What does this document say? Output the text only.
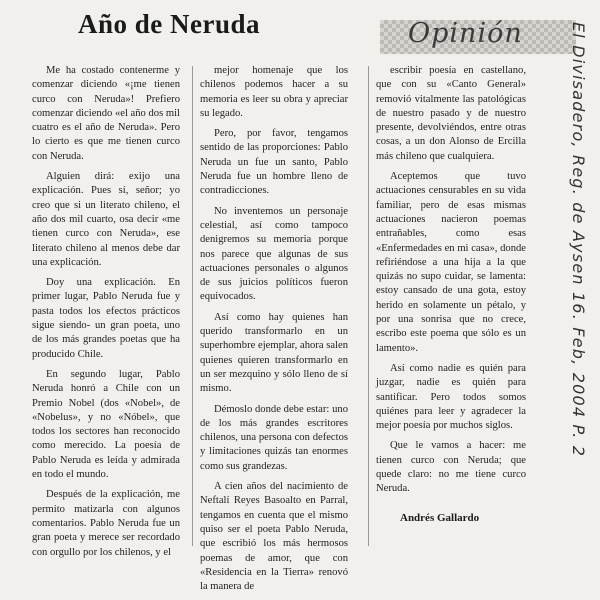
Año de Neruda	Opinión

Me ha costado contenerme y comenzar diciendo «¡me tienen curco con Neruda»! Prefiero comenzar diciendo «el año dos mil cuatro es el año de Neruda». Pero lo cierto es que me tienen curco con Neruda.

Alguien dirá: exijo una explicación. Pues sí, señor; yo creo que si un literato chileno, el año dos mil cuarto, osa decir «me tienen curco con Neruda», ese literato chileno al menos debe dar una explicación.

Doy una explicación. En primer lugar, Pablo Neruda fue y pasta todos los efectos prácticos sigue siendo- un gran poeta, uno de los más grandes poetas que ha producido Chile.

En segundo lugar, Pablo Neruda honró a Chile con un Premio Nobel (dos «Nobel», de «Nobelus», y no «Nóbel», que todos los sectores han reconocido como merecido. La poesía de Pablo Neruda es leída y admirada en todo el mundo.

Después de la explicación, me permito matizarla con algunos comentarios. Pablo Neruda fue un gran poeta y merece ser recordado con orgullo por los chilenos, y el

mejor homenaje que los chilenos podemos hacer a su memoria es leer su obra y apreciar su legado.

Pero, por favor, tengamos sentido de las proporciones: Pablo Neruda un fue un santo, Pablo Neruda fue un hombre lleno de contradicciones.

No inventemos un personaje celestial, así como tampoco denigremos su memoria porque nos parece que algunas de sus actuaciones personales o algunos de sus juicios políticos fueron equivocados.

Así como hay quienes han querido transformarlo en un superhombre ejemplar, ahora salen quienes quieren transformarlo en un ser mezquino y sólo lleno de sí mismo.

Démoslo donde debe estar: uno de los más grandes escritores chilenos, una persona con defectos y limitaciones quizás tan enormes como sus grandezas.

A cien años del nacimiento de Neftalí Reyes Basoalto en Parral, tengamos en cuenta que el mismo quiso ser el poeta Pablo Neruda, que escribió los más hermosos poemas de amor, que con «Residencia en la Tierra» renovó la manera de

escribir poesía en castellano, que con su «Canto General» removió vitalmente las patológicas de nuestro pasado y de nuestro presente, devolviéndos, entre otras cosas, a un don Alonso de Ercilla más chileno que cualquiera.

Aceptemos que tuvo actuaciones censurables en su vida familiar, pero de esas mismas actuaciones nacieron poemas entrañables, como esas «Enfermedades en mi casa», donde refiriéndose a una hija a la que quizás no supo cuidar, se lamenta: estoy cansado de una gota, estoy herido en solamente un pétalo, y por una sonrisa que no crece, escribo este poema que sólo es un lamento».

Así como nadie es quién para juzgar, nadie es quién para santificar. Pero todos somos quiénes para leer y agradecer la mejor poesía por muchos siglos.

Que le vamos a hacer: me tienen curco con Neruda; que quede claro: no me tiene curco Neruda.

Andrés Gallardo
El Divisadero, Reg. de Aysen 16. Feb, 2004 P. 2
